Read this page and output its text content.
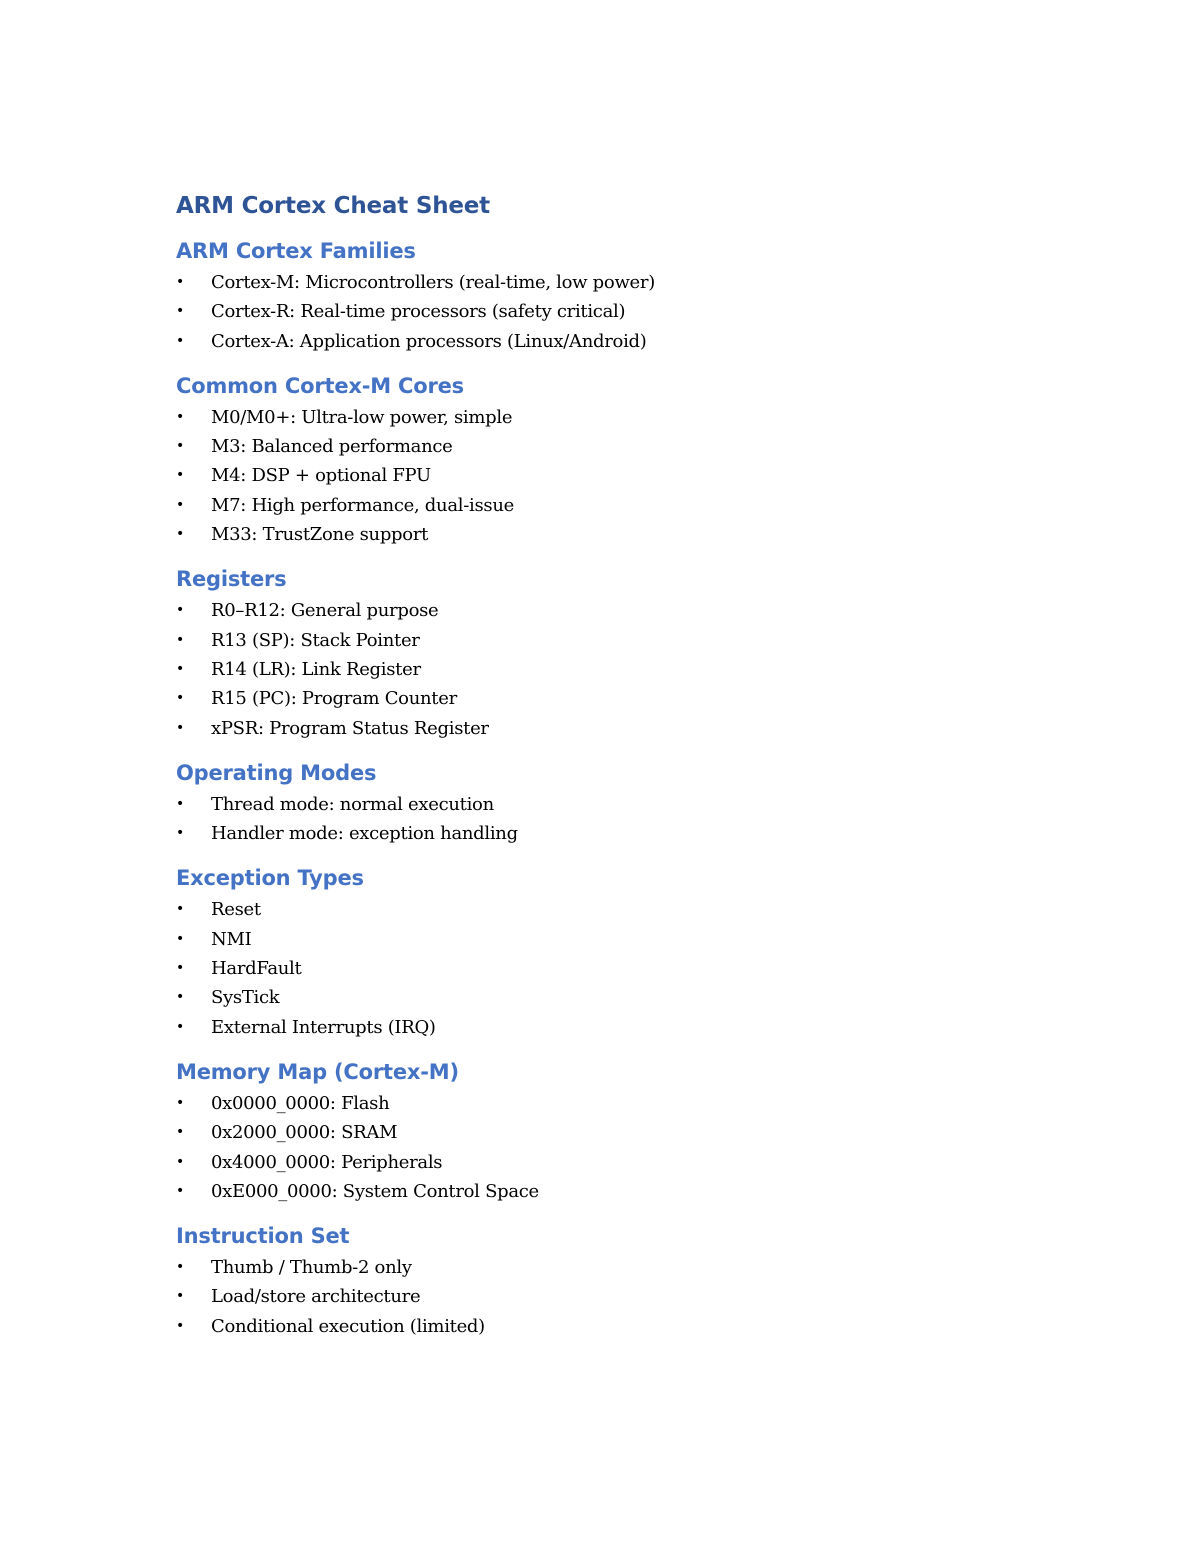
ARM Cortex Cheat Sheet
ARM Cortex Families
• Cortex-M: Microcontrollers (real-time, low power)
• Cortex-R: Real-time processors (safety critical)
• Cortex-A: Application processors (Linux/Android)
Common Cortex-M Cores
• M0/M0+: Ultra-low power, simple
• M3: Balanced performance
• M4: DSP + optional FPU
• M7: High performance, dual-issue
• M33: TrustZone support
Registers
• R0–R12: General purpose
• R13 (SP): Stack Pointer
• R14 (LR): Link Register
• R15 (PC): Program Counter
• xPSR: Program Status Register
Operating Modes
• Thread mode: normal execution
• Handler mode: exception handling
Exception Types
• Reset
• NMI
• HardFault
• SysTick
• External Interrupts (IRQ)
Memory Map (Cortex-M)
• 0x0000_0000: Flash
• 0x2000_0000: SRAM
• 0x4000_0000: Peripherals
• 0xE000_0000: System Control Space
Instruction Set
• Thumb / Thumb-2 only
• Load/store architecture
• Conditional execution (limited)
